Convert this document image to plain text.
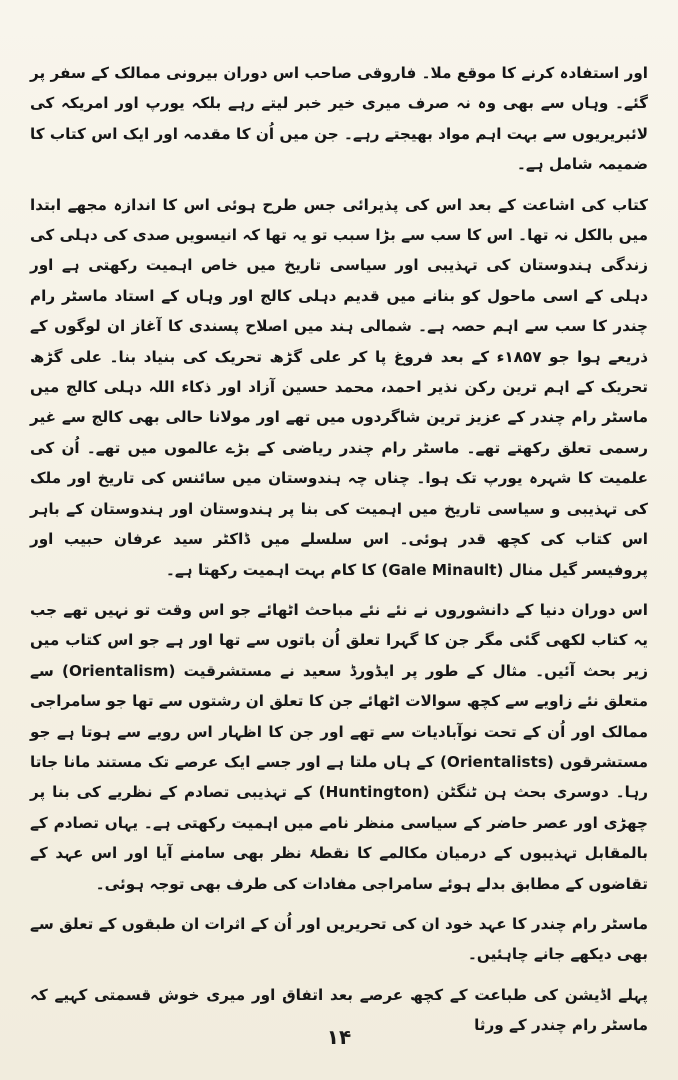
اور استفادہ کرنے کا موقع ملا۔ فاروقی صاحب اس دوران بیرونی ممالک کے سفر پر گئے۔ وہاں سے بھی وہ نہ صرف میری خیر خبر لیتے رہے بلکہ یورپ اور امریکہ کی لائبریریوں سے بہت اہم مواد بھیجتے رہے۔ جن میں اُن کا مقدمہ اور ایک اس کتاب کا ضمیمہ شامل ہے۔

کتاب کی اشاعت کے بعد اس کی پذیرائی جس طرح ہوئی اس کا اندازہ مجھے ابتدا میں بالکل نہ تھا۔ اس کا سب سے بڑا سبب تو یہ تھا کہ انیسویں صدی کی دہلی کی زندگی ہندوستان کی تہذیبی اور سیاسی تاریخ میں خاص اہمیت رکھتی ہے اور دہلی کے اسی ماحول کو بنانے میں قدیم دہلی کالج اور وہاں کے استاد ماسٹر رام چندر کا سب سے اہم حصہ ہے۔ شمالی ہند میں اصلاح پسندی کا آغاز ان لوگوں کے ذریعے ہوا جو ۱۸۵۷ء کے بعد فروغ پا کر علی گڑھ تحریک کی بنیاد بنا۔ علی گڑھ تحریک کے اہم ترین رکن نذیر احمد، محمد حسین آزاد اور ذکاء اللہ دہلی کالج میں ماسٹر رام چندر کے عزیز ترین شاگردوں میں تھے اور مولانا حالی بھی کالج سے غیر رسمی تعلق رکھتے تھے۔ ماسٹر رام چندر ریاضی کے بڑے عالموں میں تھے۔ اُن کی علمیت کا شہرہ یورپ تک ہوا۔ چناں چہ ہندوستان میں سائنس کی تاریخ اور ملک کی تہذیبی و سیاسی تاریخ میں اہمیت کی بنا پر ہندوستان اور ہندوستان کے باہر اس کتاب کی کچھ قدر ہوئی۔ اس سلسلے میں ڈاکٹر سید عرفان حبیب اور پروفیسر گیل منال (Gale Minault) کا کام بہت اہمیت رکھتا ہے۔

اس دوران دنیا کے دانشوروں نے نئے نئے مباحث اٹھائے جو اس وقت تو نہیں تھے جب یہ کتاب لکھی گئی مگر جن کا گہرا تعلق اُن باتوں سے تھا اور ہے جو اس کتاب میں زیر بحث آئیں۔ مثال کے طور پر ایڈورڈ سعید نے مستشرقیت (Orientalism) سے متعلق نئے زاویے سے کچھ سوالات اٹھائے جن کا تعلق ان رشتوں سے تھا جو سامراجی ممالک اور اُن کے تحت نوآبادیات سے تھے اور جن کا اظہار اس رویے سے ہوتا ہے جو مستشرقوں (Orientalists) کے ہاں ملتا ہے اور جسے ایک عرصے تک مستند مانا جاتا رہا۔ دوسری بحث ہن ٹنگٹن (Huntington) کے تہذیبی تصادم کے نظریے کی بنا پر چھڑی اور عصر حاضر کے سیاسی منظر نامے میں اہمیت رکھتی ہے۔ یہاں تصادم کے بالمقابل تہذیبوں کے درمیان مکالمے کا نقطۂ نظر بھی سامنے آیا اور اس عہد کے تقاضوں کے مطابق بدلے ہوئے سامراجی مفادات کی طرف بھی توجہ ہوئی۔

ماسٹر رام چندر کا عہد خود ان کی تحریریں اور اُن کے اثرات ان طبقوں کے تعلق سے بھی دیکھے جانے چاہئیں۔

پہلے اڈیشن کی طباعت کے کچھ عرصے بعد اتفاق اور میری خوش قسمتی کہیے کہ ماسٹر رام چندر کے ورثا

۱۴
